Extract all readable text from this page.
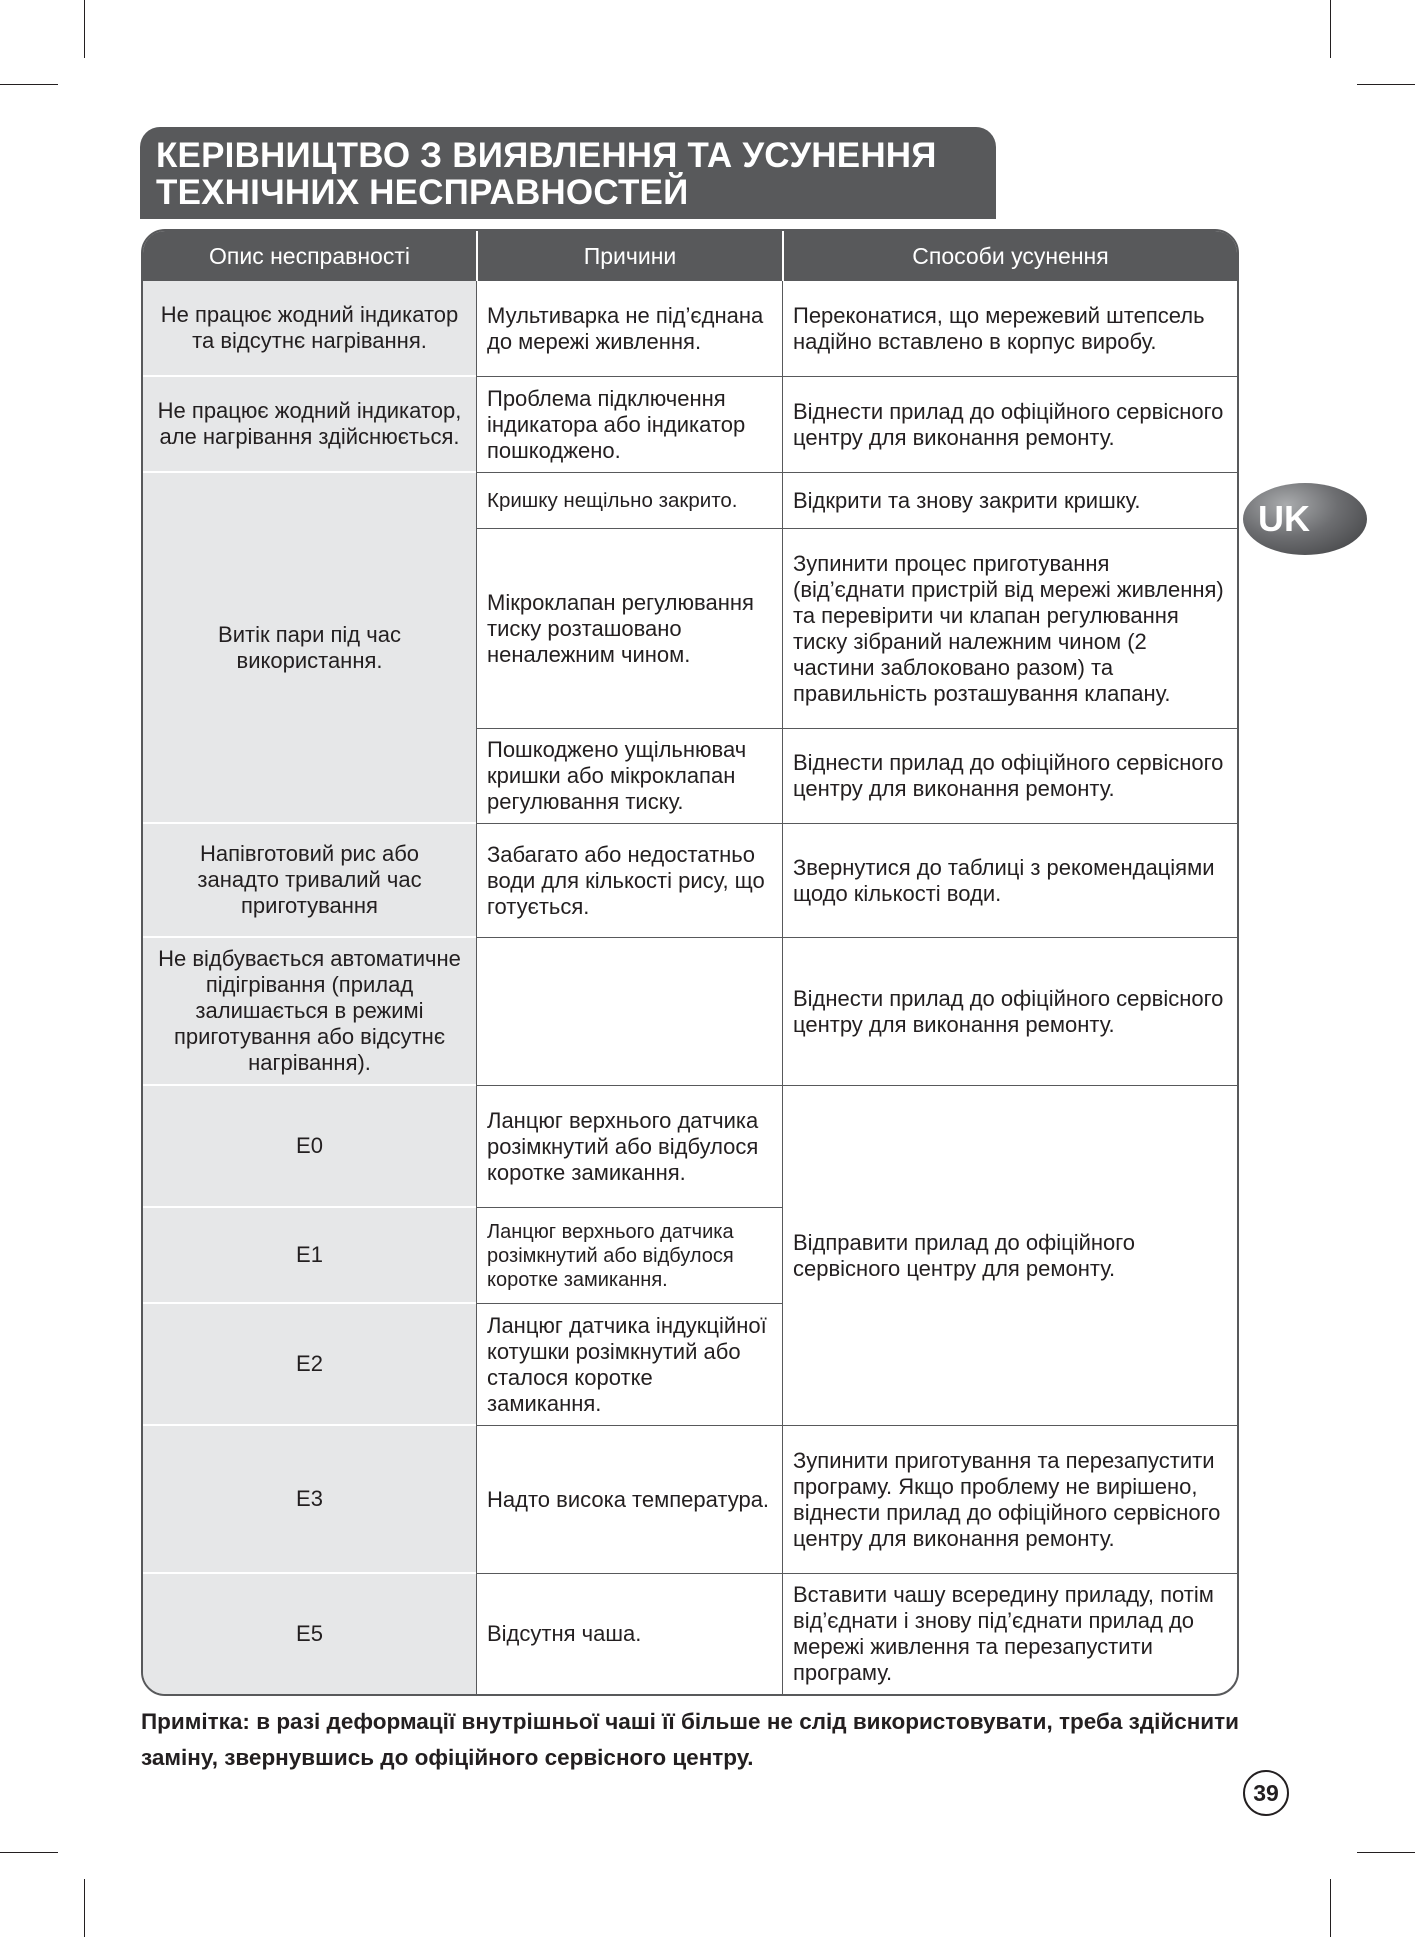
КЕРІВНИЦТВО З ВИЯВЛЕННЯ ТА УСУНЕННЯ
ТЕХНІЧНИХ НЕСПРАВНОСТЕЙ
UK
Опис несправності	Причини	Способи усунення
Не працює жодний індикатор та відсутнє нагрівання.	Мультиварка не під’єднана до мережі живлення.	Переконатися, що мережевий штепсель надійно вставлено в корпус виробу.
Не працює жодний індикатор, але нагрівання здійснюється.	Проблема підключення індикатора або індикатор пошкоджено.	Віднести прилад до офіційного сервісного центру для виконання ремонту.
Витік пари під час використання.	Кришку нещільно закрито.	Відкрити та знову закрити кришку.
	Мікроклапан регулювання тиску розташовано неналежним чином.	Зупинити процес приготування (від’єднати пристрій від мережі живлення) та перевірити чи клапан регулювання тиску зібраний належним чином (2 частини заблоковано разом) та правильність розташування клапану.
	Пошкоджено ущільнювач кришки або мікроклапан регулювання тиску.	Віднести прилад до офіційного сервісного центру для виконання ремонту.
Напівготовий рис або занадто тривалий час приготування	Забагато або недостатньо води для кількості рису, що готується.	Звернутися до таблиці з рекомендаціями щодо кількості води.
Не відбувається автоматичне підігрівання (прилад залишається в режимі приготування або відсутнє нагрівання).		Віднести прилад до офіційного сервісного центру для виконання ремонту.
E0	Ланцюг верхнього датчика розімкнутий або відбулося коротке замикання.	Відправити прилад до офіційного сервісного центру для ремонту.
E1	Ланцюг верхнього датчика розімкнутий або відбулося коротке замикання.	
E2	Ланцюг датчика індукційної котушки розімкнутий або сталося коротке замикання.	
E3	Надто висока температура.	Зупинити приготування та перезапустити програму. Якщо проблему не вирішено, віднести прилад до офіційного сервісного центру для виконання ремонту.
E5	Відсутня чаша.	Вставити чашу всередину приладу, потім від’єднати і знову під’єднати прилад до мережі живлення та перезапустити програму.
Примітка: в разі деформації внутрішньої чаші її більше не слід використовувати, треба здійснити заміну, звернувшись до офіційного сервісного центру.
39
